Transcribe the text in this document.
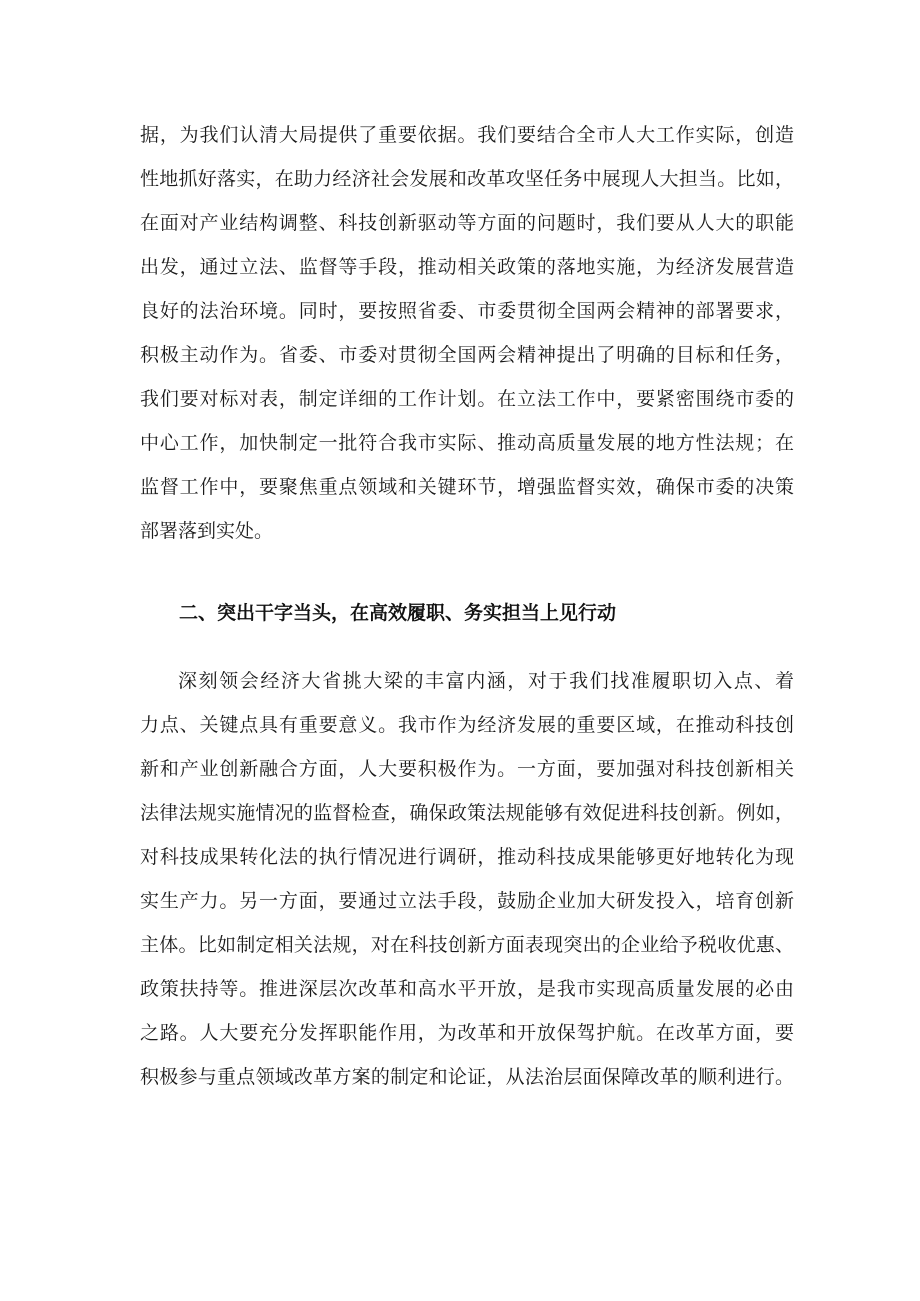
据，为我们认清大局提供了重要依据。我们要结合全市人大工作实际，创造
性地抓好落实，在助力经济社会发展和改革攻坚任务中展现人大担当。比如，
在面对产业结构调整、科技创新驱动等方面的问题时，我们要从人大的职能
出发，通过立法、监督等手段，推动相关政策的落地实施，为经济发展营造
良好的法治环境。同时，要按照省委、市委贯彻全国两会精神的部署要求，
积极主动作为。省委、市委对贯彻全国两会精神提出了明确的目标和任务，
我们要对标对表，制定详细的工作计划。在立法工作中，要紧密围绕市委的
中心工作，加快制定一批符合我市实际、推动高质量发展的地方性法规；在
监督工作中，要聚焦重点领域和关键环节，增强监督实效，确保市委的决策
部署落到实处。
二、突出干字当头，在高效履职、务实担当上见行动
深刻领会经济大省挑大梁的丰富内涵，对于我们找准履职切入点、着
力点、关键点具有重要意义。我市作为经济发展的重要区域，在推动科技创
新和产业创新融合方面，人大要积极作为。一方面，要加强对科技创新相关
法律法规实施情况的监督检查，确保政策法规能够有效促进科技创新。例如，
对科技成果转化法的执行情况进行调研，推动科技成果能够更好地转化为现
实生产力。另一方面，要通过立法手段，鼓励企业加大研发投入，培育创新
主体。比如制定相关法规，对在科技创新方面表现突出的企业给予税收优惠、
政策扶持等。推进深层次改革和高水平开放，是我市实现高质量发展的必由
之路。人大要充分发挥职能作用，为改革和开放保驾护航。在改革方面，要
积极参与重点领域改革方案的制定和论证，从法治层面保障改革的顺利进行。
